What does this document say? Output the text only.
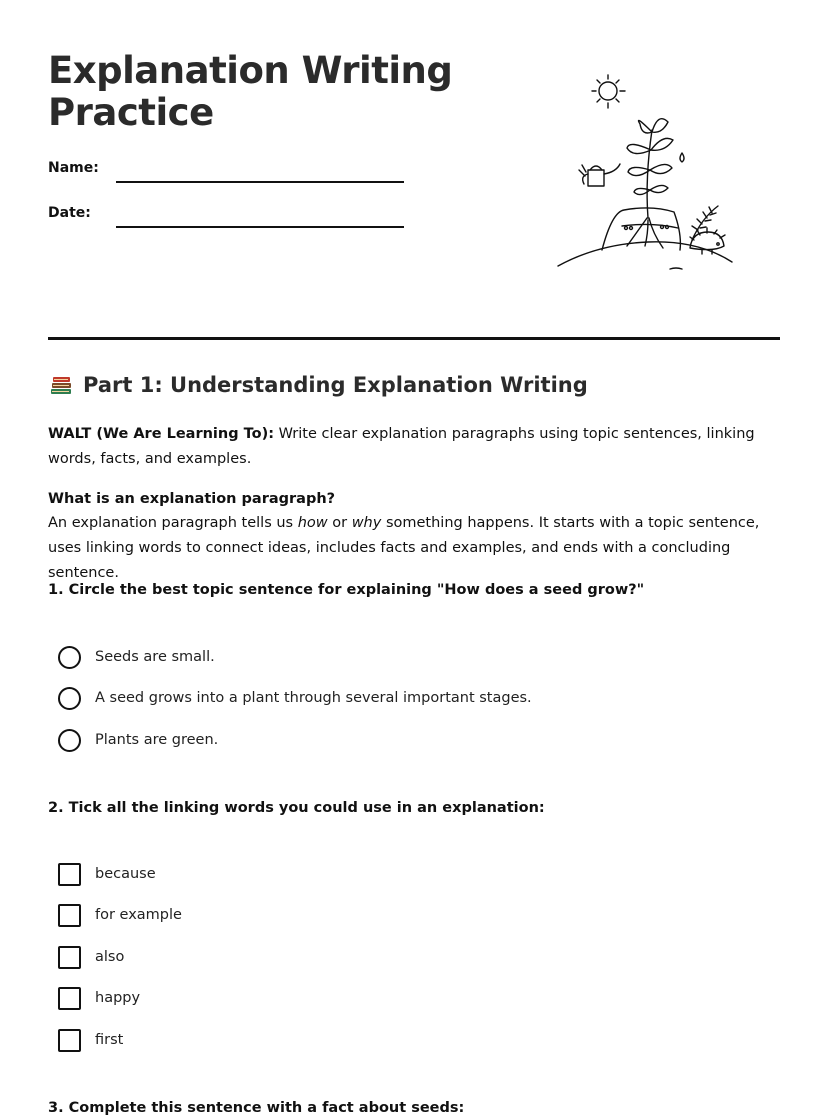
Explanation Writing Practice
Name:
Date:
Part 1: Understanding Explanation Writing

WALT (We Are Learning To): Write clear explanation paragraphs using topic sentences, linking words, facts, and examples.

What is an explanation paragraph?

An explanation paragraph tells us how or why something happens. It starts with a topic sentence, uses linking words to connect ideas, includes facts and examples, and ends with a concluding sentence.

1. Circle the best topic sentence for explaining "How does a seed grow?"

Seeds are small.
A seed grows into a plant through several important stages.
Plants are green.

2. Tick all the linking words you could use in an explanation:

because
for example
also
happy
first

3. Complete this sentence with a fact about seeds:
